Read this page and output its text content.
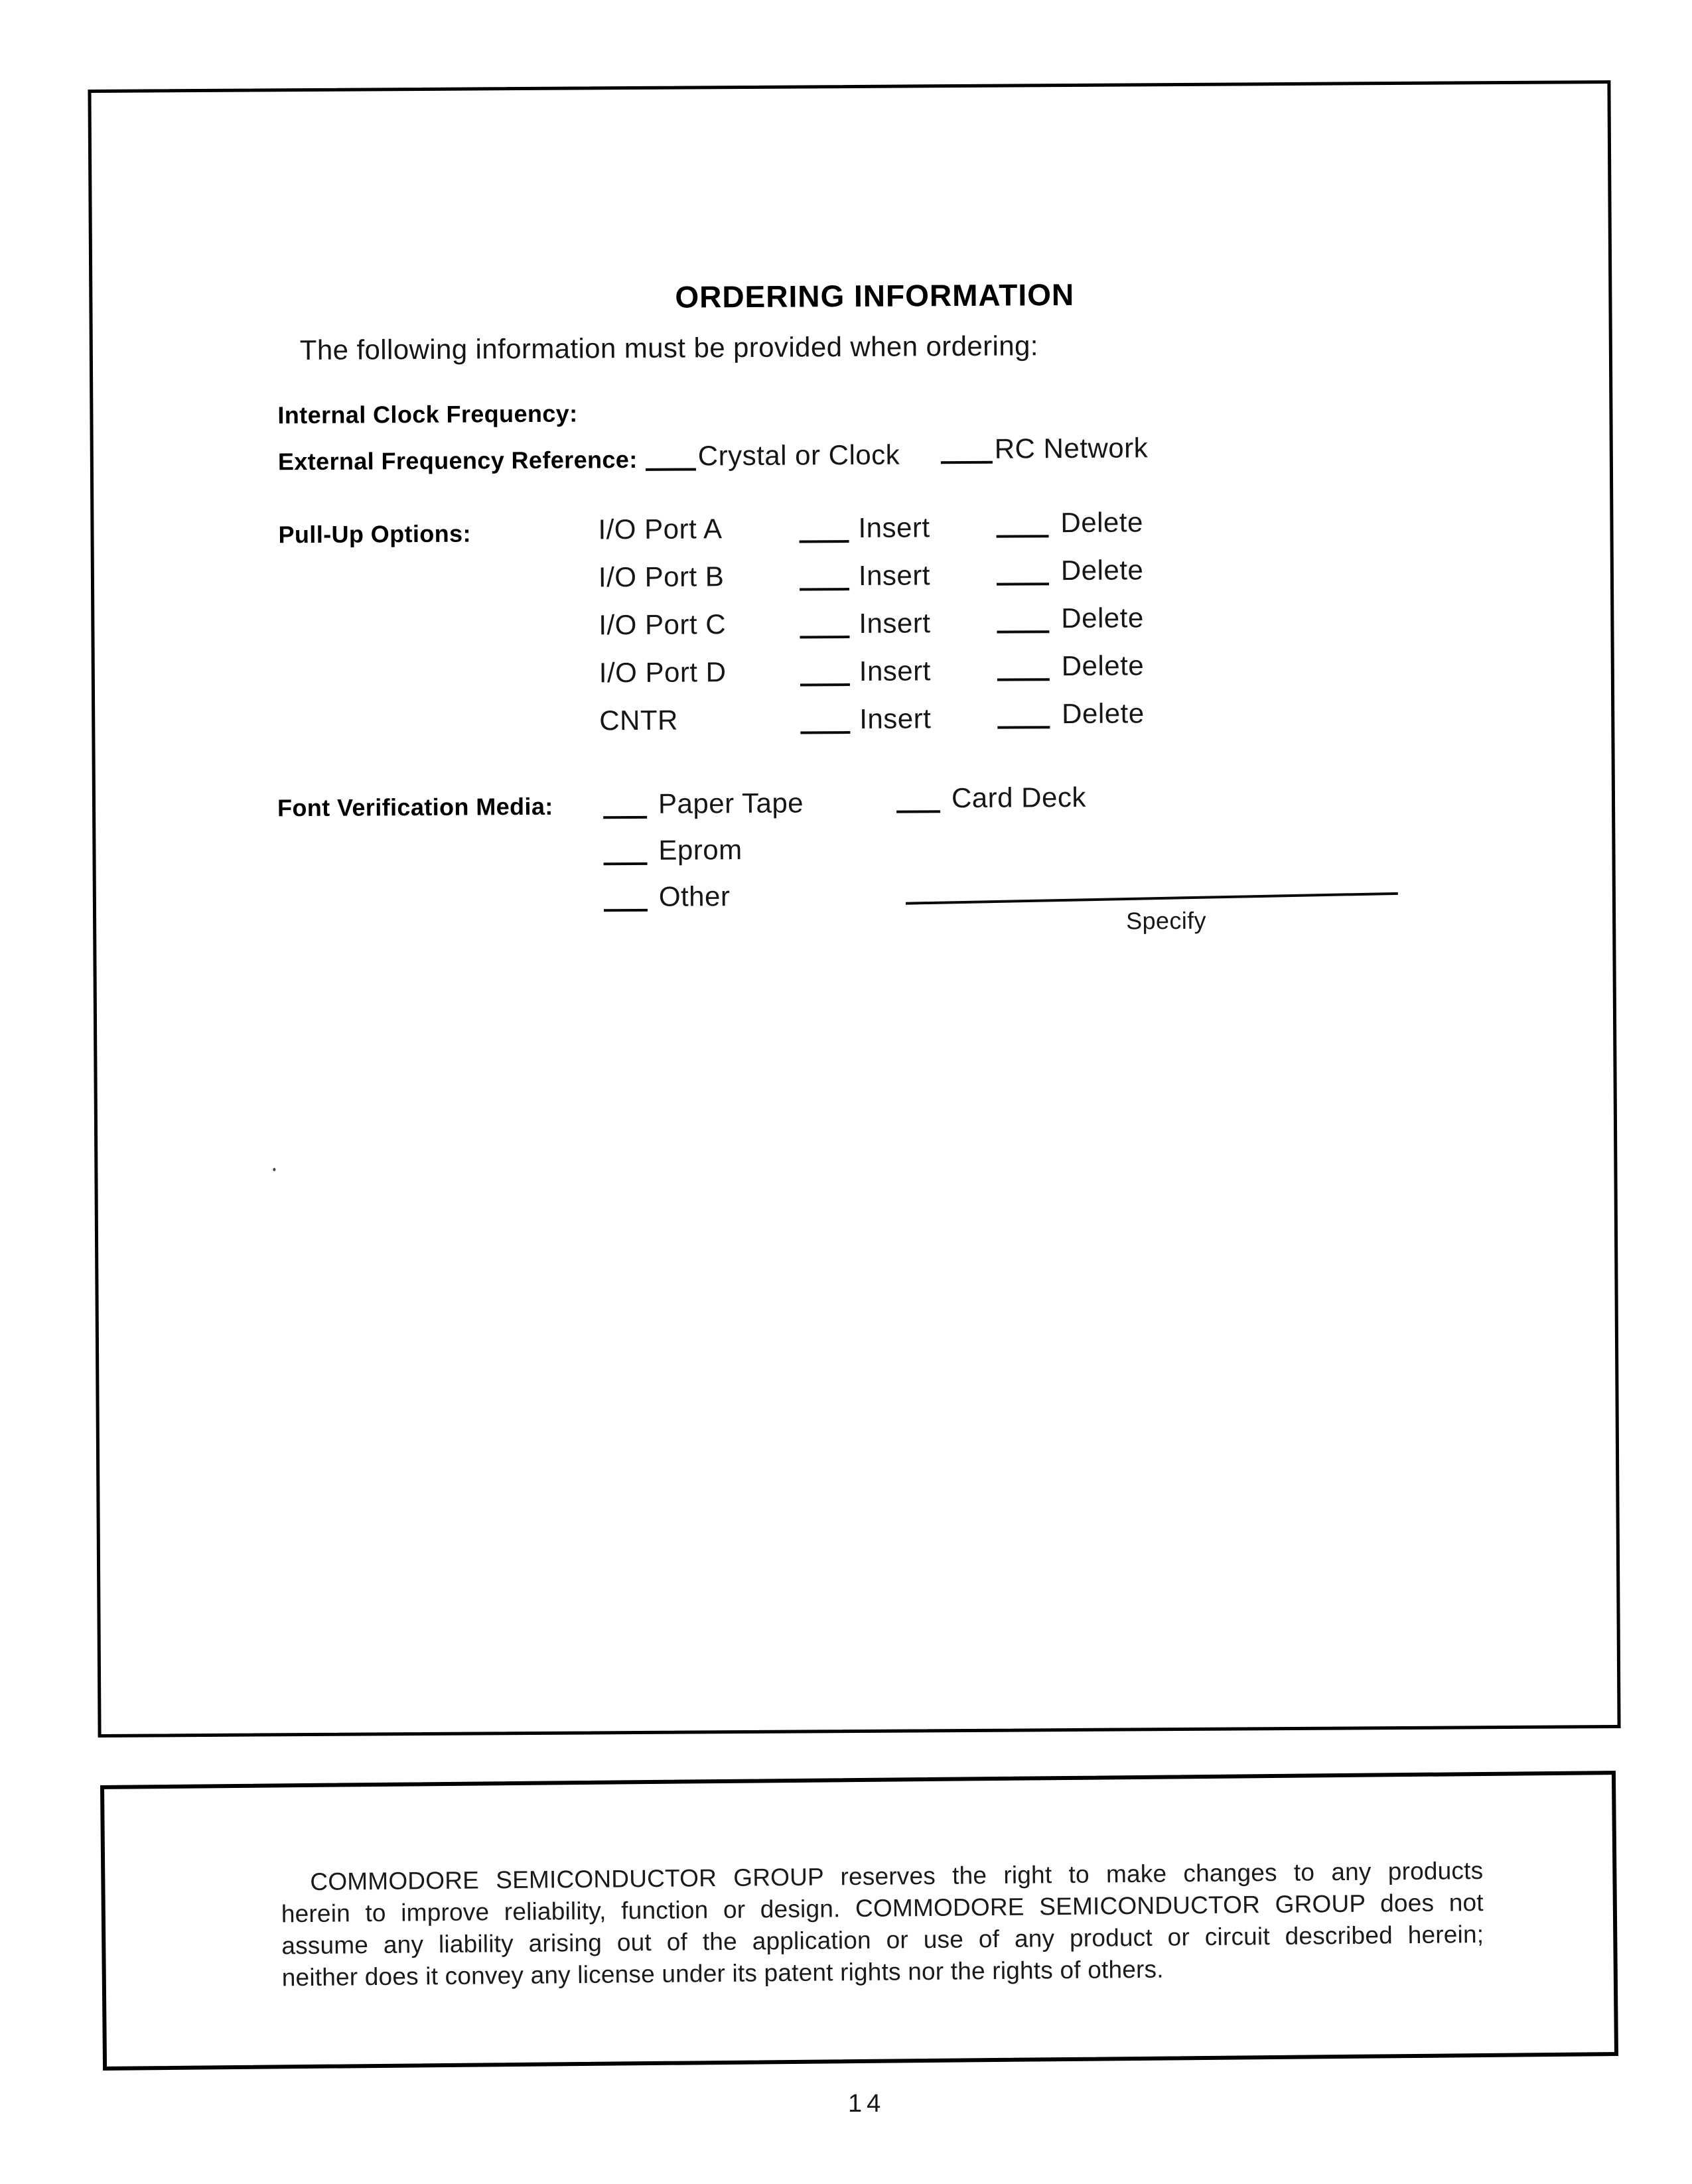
ORDERING INFORMATION
The following information must be provided when ordering:
Internal Clock Frequency:
External Frequency Reference:	Crystal or Clock	RC Network
Pull-Up Options:	I/O Port A	Insert	Delete
I/O Port B	Insert	Delete
I/O Port C	Insert	Delete
I/O Port D	Insert	Delete
CNTR	Insert	Delete
Font Verification Media:	Paper Tape	Card Deck
Eprom
Other
Specify
COMMODORE SEMICONDUCTOR GROUP reserves the right to make changes to any products
herein to improve reliability, function or design. COMMODORE SEMICONDUCTOR GROUP does not
assume any liability arising out of the application or use of any product or circuit described herein;
neither does it convey any license under its patent rights nor the rights of others.
14
